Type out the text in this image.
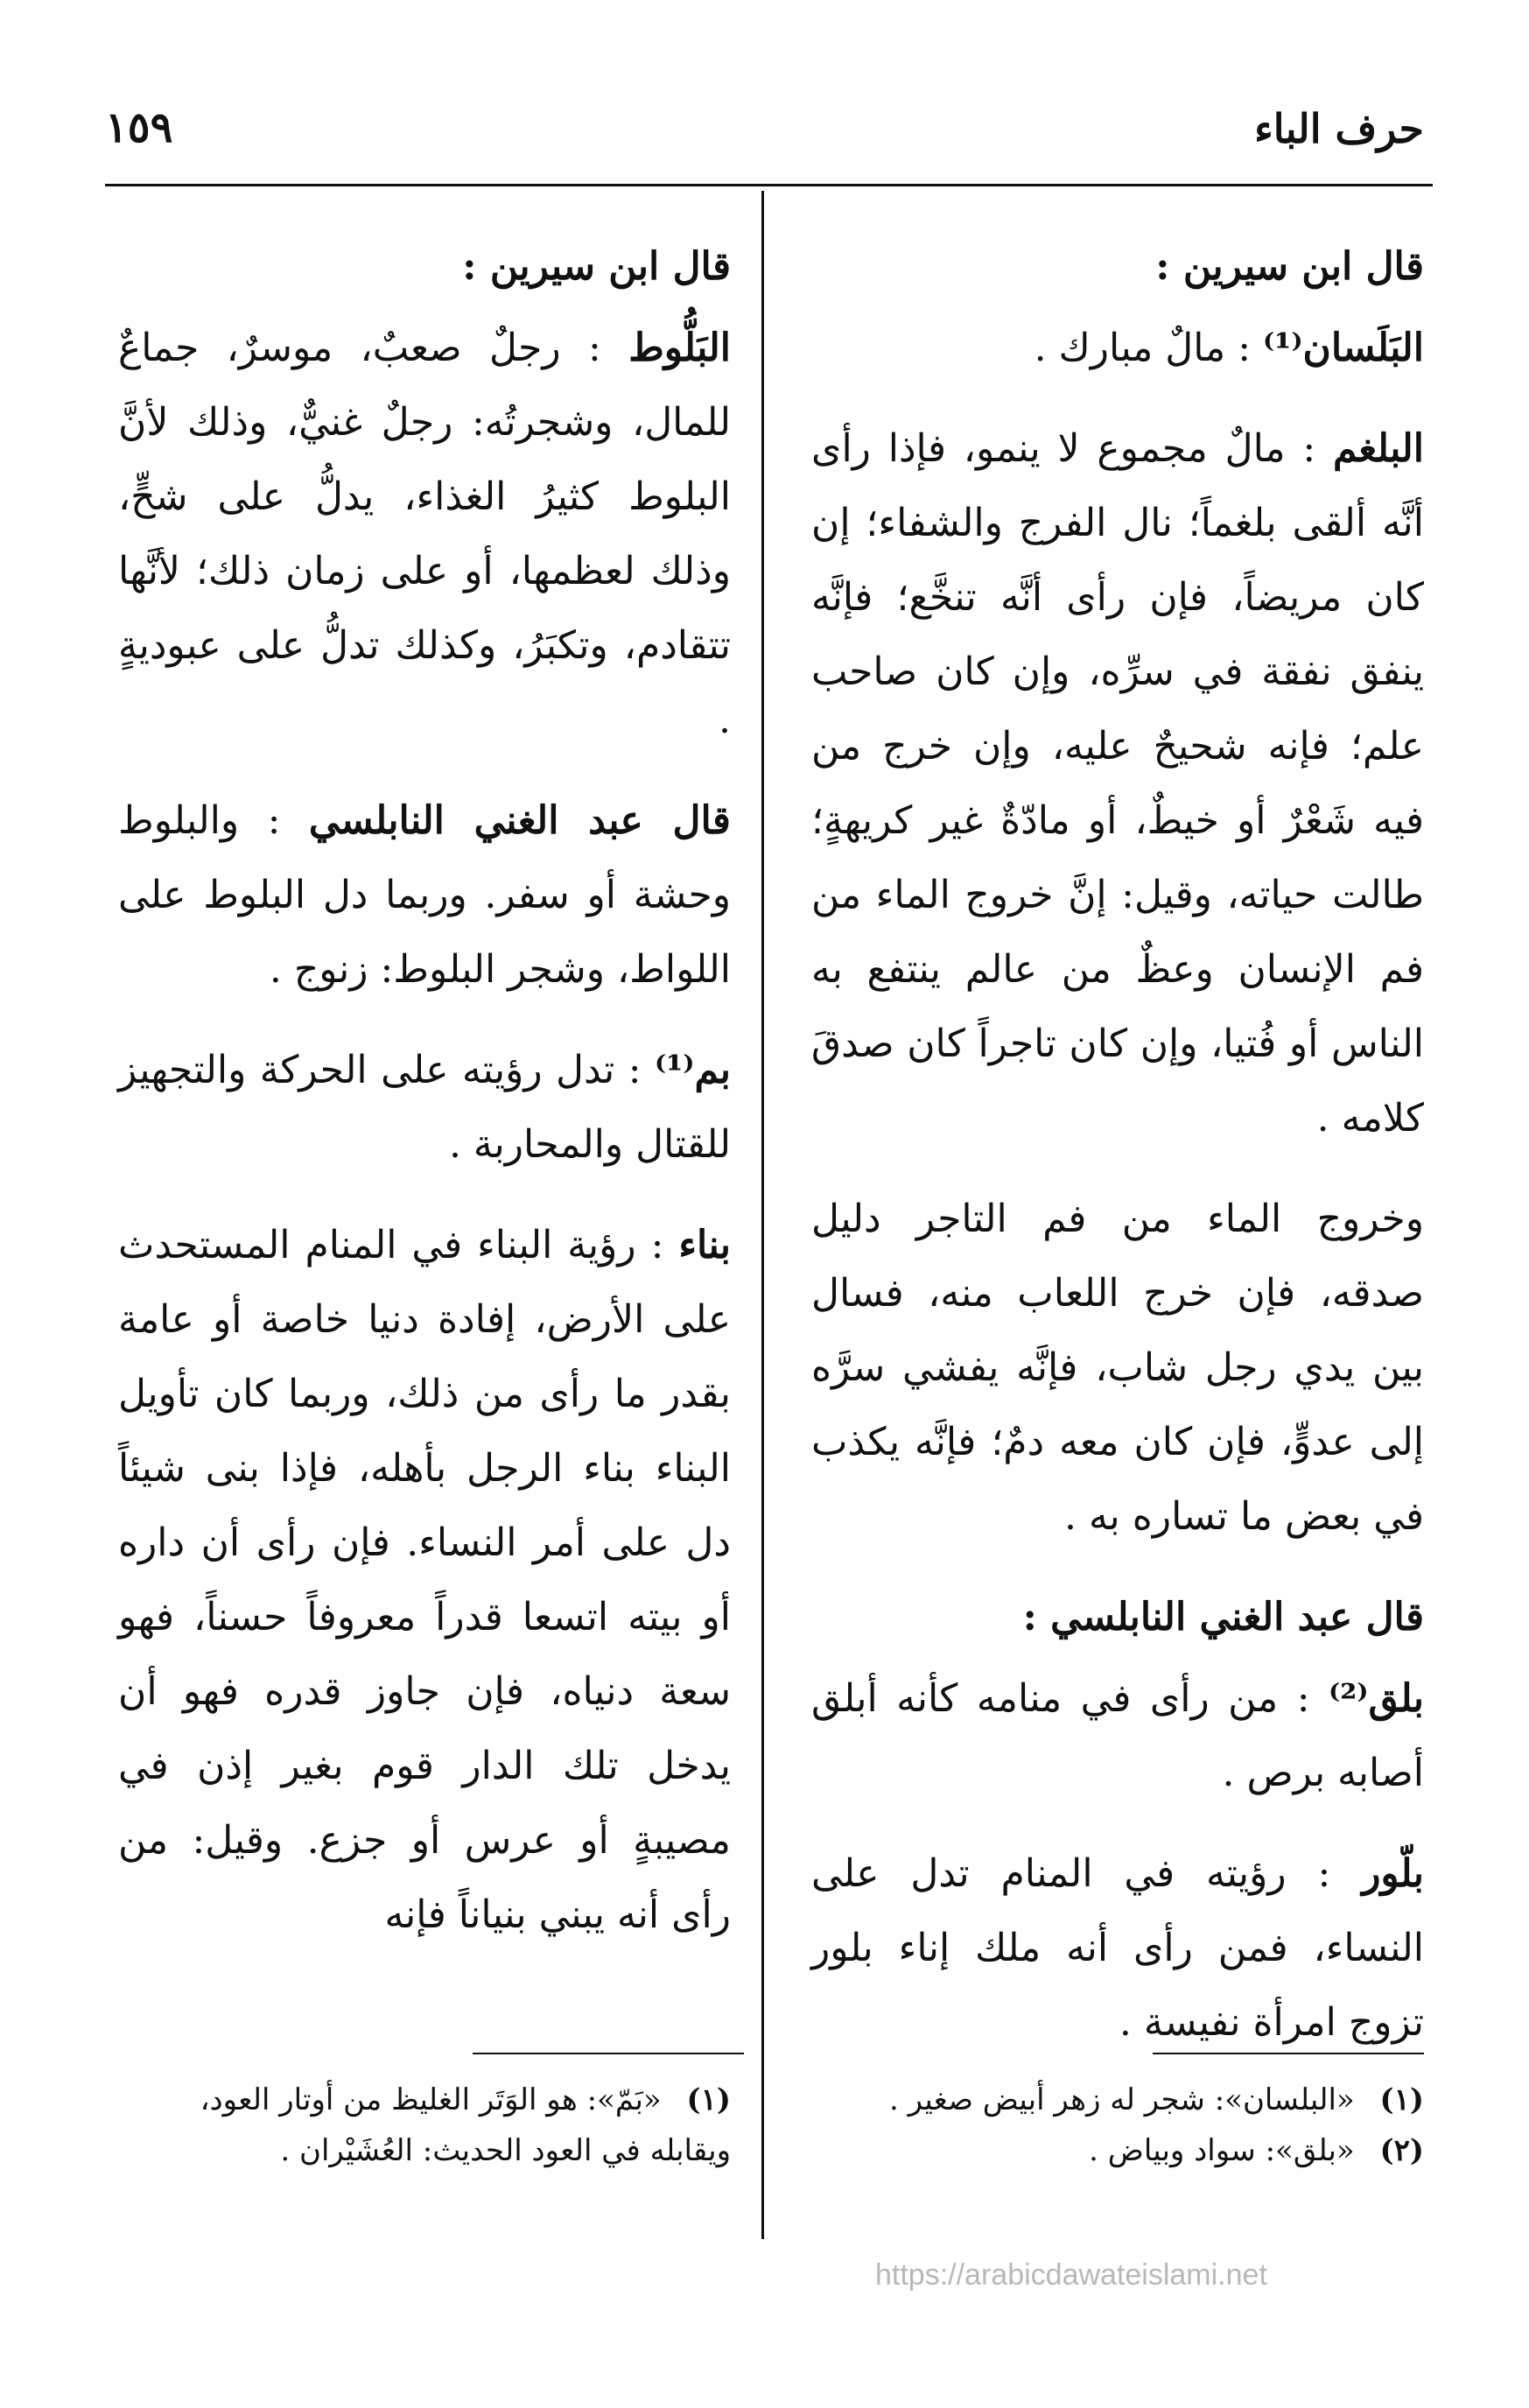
حرف الباء
١٥٩

قال ابن سيرين :

البَلَسان⁽¹⁾ : مالٌ مبارك .

البلغم : مالٌ مجموع لا ينمو، فإذا رأى أنَّه ألقى بلغماً؛ نال الفرج والشفاء؛ إن كان مريضاً، فإن رأى أنَّه تنخَّع؛ فإنَّه ينفق نفقة في سرِّه، وإن كان صاحب علم؛ فإنه شحيحٌ عليه، وإن خرج من فيه شَعْرٌ أو خيطٌ، أو مادّةٌ غير كريهةٍ؛ طالت حياته، وقيل: إنَّ خروج الماء من فم الإنسان وعظٌ من عالم ينتفع به الناس أو فُتيا، وإن كان تاجراً كان صدقَ كلامه .

وخروج الماء من فم التاجر دليل صدقه، فإن خرج اللعاب منه، فسال بين يدي رجل شاب، فإنَّه يفشي سرَّه إلى عدوٍّ، فإن كان معه دمٌ؛ فإنَّه يكذب في بعض ما تساره به .

قال عبد الغني النابلسي :

بلق⁽²⁾ : من رأى في منامه كأنه أبلق أصابه برص .

بلّور : رؤيته في المنام تدل على النساء، فمن رأى أنه ملك إناء بلور تزوج امرأة نفيسة .

قال ابن سيرين :

البَلُّوط : رجلٌ صعبٌ، موسرٌ، جماعٌ للمال، وشجرتُه: رجلٌ غنيٌّ، وذلك لأنَّ البلوط كثيرُ الغذاء، يدلُّ على شحٍّ، وذلك لعظمها، أو على زمان ذلك؛ لأنَّها تتقادم، وتكبَرُ، وكذلك تدلُّ على عبوديةٍ .

قال عبد الغني النابلسي : والبلوط وحشة أو سفر. وربما دل البلوط على اللواط، وشجر البلوط: زنوج .

بم⁽¹⁾ : تدل رؤيته على الحركة والتجهيز للقتال والمحاربة .

بناء : رؤية البناء في المنام المستحدث على الأرض، إفادة دنيا خاصة أو عامة بقدر ما رأى من ذلك، وربما كان تأويل البناء بناء الرجل بأهله، فإذا بنى شيئاً دل على أمر النساء. فإن رأى أن داره أو بيته اتسعا قدراً معروفاً حسناً، فهو سعة دنياه، فإن جاوز قدره فهو أن يدخل تلك الدار قوم بغير إذن في مصيبةٍ أو عرس أو جزع. وقيل: من رأى أنه يبني بنياناً فإنه

(١) «البلسان»: شجر له زهر أبيض صغير .

(٢) «بلق»: سواد وبياض .

(١) «بَمّ»: هو الوَتَر الغليظ من أوتار العود، ويقابله في العود الحديث: العُشَيْران .

https://arabicdawateislami.net
